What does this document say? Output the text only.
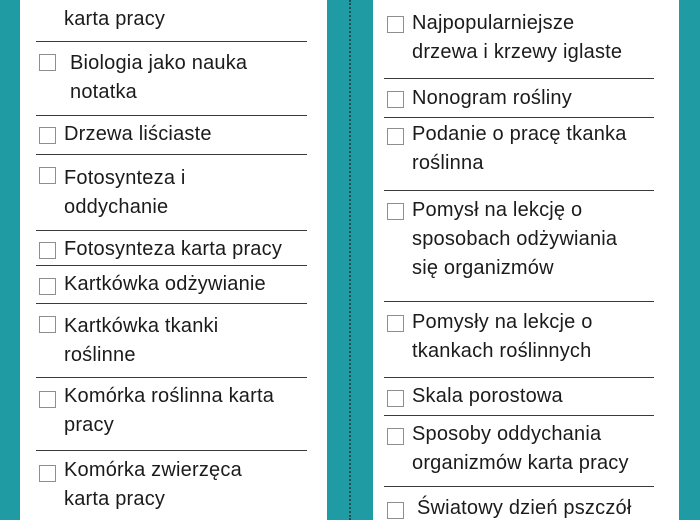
karta pracy
Biologia jako nauka
notatka
Drzewa liściaste
Fotosynteza i
oddychanie
Fotosynteza karta pracy
Kartkówka odżywianie
Kartkówka tkanki
roślinne
Komórka roślinna karta
pracy
Komórka zwierzęca
karta pracy
Najpopularniejsze
drzewa i krzewy iglaste
Nonogram rośliny
Podanie o pracę tkanka
roślinna
Pomysł na lekcję o
sposobach odżywiania
się organizmów
Pomysły na lekcje o
tkankach roślinnych
Skala porostowa
Sposoby oddychania
organizmów karta pracy
Światowy dzień pszczół
